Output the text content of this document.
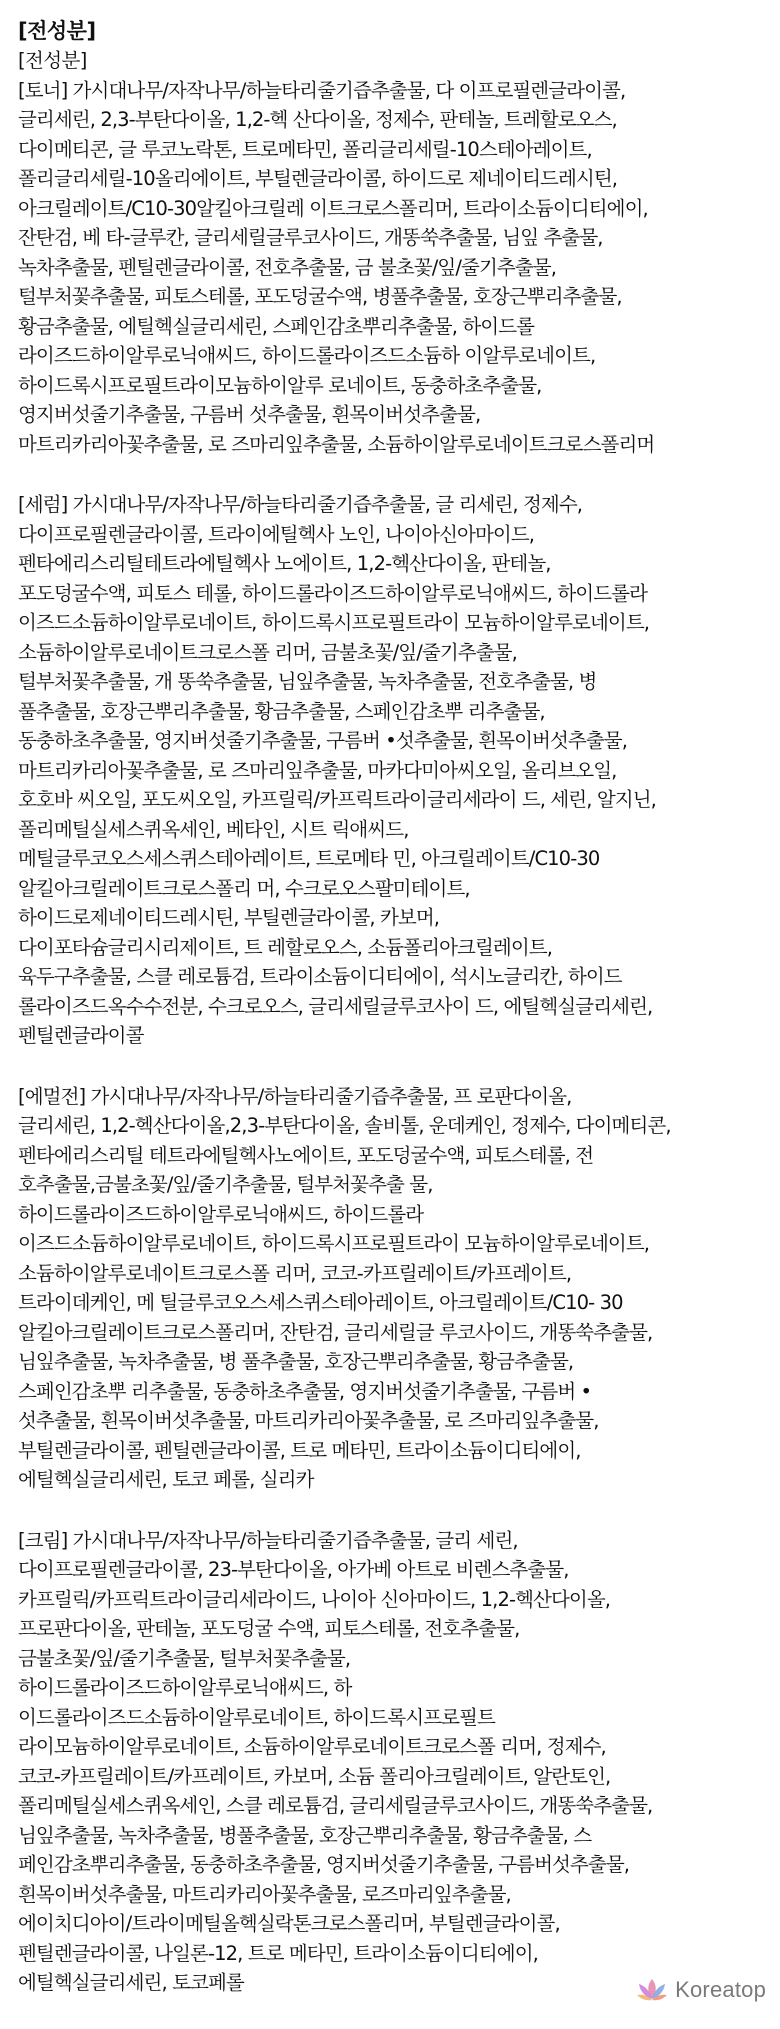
[전성분]
[전성분]
[토너] 가시대나무/자작나무/하늘타리줄기즙추출물, 다 이프로필렌글라이콜,
글리세린, 2,3-부탄다이올, 1,2-헥 산다이올, 정제수, 판테놀, 트레할로오스,
다이메티콘, 글 루코노락톤, 트로메타민, 폴리글리세릴-10스테아레이트,
폴리글리세릴-10올리에이트, 부틸렌글라이콜, 하이드로 제네이티드레시틴,
아크릴레이트/C10-30알킬아크릴레 이트크로스폴리머, 트라이소듐이디티에이,
잔탄검, 베 타-글루칸, 글리세릴글루코사이드, 개똥쑥추출물, 님잎 추출물,
녹차추출물, 펜틸렌글라이콜, 전호추출물, 금 불초꽃/잎/줄기추출물,
털부처꽃추출물, 피토스테롤, 포도덩굴수액, 병풀추출물, 호장근뿌리추출물,
황금추출물, 에틸헥실글리세린, 스페인감초뿌리추출물, 하이드롤
라이즈드하이알루로닉애씨드, 하이드롤라이즈드소듐하 이알루로네이트,
하이드록시프로필트라이모늄하이알루 로네이트, 동충하초추출물,
영지버섯줄기추출물, 구름버 섯추출물, 흰목이버섯추출물,
마트리카리아꽃추출물, 로 즈마리잎추출물, 소듐하이알루로네이트크로스폴리머
[세럼] 가시대나무/자작나무/하늘타리줄기즙추출물, 글 리세린, 정제수,
다이프로필렌글라이콜, 트라이에틸헥사 노인, 나이아신아마이드,
펜타에리스리틸테트라에틸헥사 노에이트, 1,2-헥산다이올, 판테놀,
포도덩굴수액, 피토스 테롤, 하이드롤라이즈드하이알루로닉애씨드, 하이드롤라
이즈드소듐하이알루로네이트, 하이드록시프로필트라이 모늄하이알루로네이트,
소듐하이알루로네이트크로스폴 리머, 금불초꽃/잎/줄기추출물,
털부처꽃추출물, 개 똥쑥추출물, 님잎추출물, 녹차추출물, 전호추출물, 병
풀추출물, 호장근뿌리추출물, 황금추출물, 스페인감초뿌 리추출물,
동충하초추출물, 영지버섯줄기추출물, 구름버 •섯추출물, 흰목이버섯추출물,
마트리카리아꽃추출물, 로 즈마리잎추출물, 마카다미아씨오일, 올리브오일,
호호바 씨오일, 포도씨오일, 카프릴릭/카프릭트라이글리세라이 드, 세린, 알지닌,
폴리메틸실세스퀴옥세인, 베타인, 시트 릭애씨드,
메틸글루코오스세스퀴스테아레이트, 트로메타 민, 아크릴레이트/C10-30
알킬아크릴레이트크로스폴리 머, 수크로오스팔미테이트,
하이드로제네이티드레시틴, 부틸렌글라이콜, 카보머,
다이포타슘글리시리제이트, 트 레할로오스, 소듐폴리아크릴레이트,
육두구추출물, 스클 레로튬검, 트라이소듐이디티에이, 석시노글리칸, 하이드
롤라이즈드옥수수전분, 수크로오스, 글리세릴글루코사이 드, 에틸헥실글리세린,
펜틸렌글라이콜
[에멀전] 가시대나무/자작나무/하늘타리줄기즙추출물, 프 로판다이올,
글리세린, 1,2-헥산다이올,2,3-부탄다이올, 솔비톨, 운데케인, 정제수, 다이메티콘,
펜타에리스리틸 테트라에틸헥사노에이트, 포도덩굴수액, 피토스테롤, 전
호추출물,금불초꽃/잎/줄기추출물, 털부처꽃추출 물,
하이드롤라이즈드하이알루로닉애씨드, 하이드롤라
이즈드소듐하이알루로네이트, 하이드록시프로필트라이 모늄하이알루로네이트,
소듐하이알루로네이트크로스폴 리머, 코코-카프릴레이트/카프레이트,
트라이데케인, 메 틸글루코오스세스퀴스테아레이트, 아크릴레이트/C10- 30
알킬아크릴레이트크로스폴리머, 잔탄검, 글리세릴글 루코사이드, 개똥쑥추출물,
님잎추출물, 녹차추출물, 병 풀추출물, 호장근뿌리추출물, 황금추출물,
스페인감초뿌 리추출물, 동충하초추출물, 영지버섯줄기추출물, 구름버 •
섯추출물, 흰목이버섯추출물, 마트리카리아꽃추출물, 로 즈마리잎추출물,
부틸렌글라이콜, 펜틸렌글라이콜, 트로 메타민, 트라이소듐이디티에이,
에틸헥실글리세린, 토코 페롤, 실리카
[크림] 가시대나무/자작나무/하늘타리줄기즙추출물, 글리 세린,
다이프로필렌글라이콜, 23-부탄다이올, 아가베 아트로 비렌스추출물,
카프릴릭/카프릭트라이글리세라이드, 나이아 신아마이드, 1,2-헥산다이올,
프로판다이올, 판테놀, 포도덩굴 수액, 피토스테롤, 전호추출물,
금불초꽃/잎/줄기추출물, 털부처꽃추출물,
하이드롤라이즈드하이알루로닉애씨드, 하
이드롤라이즈드소듐하이알루로네이트, 하이드록시프로필트
라이모늄하이알루로네이트, 소듐하이알루로네이트크로스폴 리머, 정제수,
코코-카프릴레이트/카프레이트, 카보머, 소듐 폴리아크릴레이트, 알란토인,
폴리메틸실세스퀴옥세인, 스클 레로튬검, 글리세릴글루코사이드, 개똥쑥추출물,
님잎추출물, 녹차추출물, 병풀추출물, 호장근뿌리추출물, 황금추출물, 스
페인감초뿌리추출물, 동충하초추출물, 영지버섯줄기추출물, 구름버섯추출물,
흰목이버섯추출물, 마트리카리아꽃추출물, 로즈마리잎추출물,
에이치디아이/트라이메틸올헥실락톤크로스폴리머, 부틸렌글라이콜,
펜틸렌글라이콜, 나일론-12, 트로 메타민, 트라이소듐이디티에이,
에틸헥실글리세린, 토코페롤	Koreatop
